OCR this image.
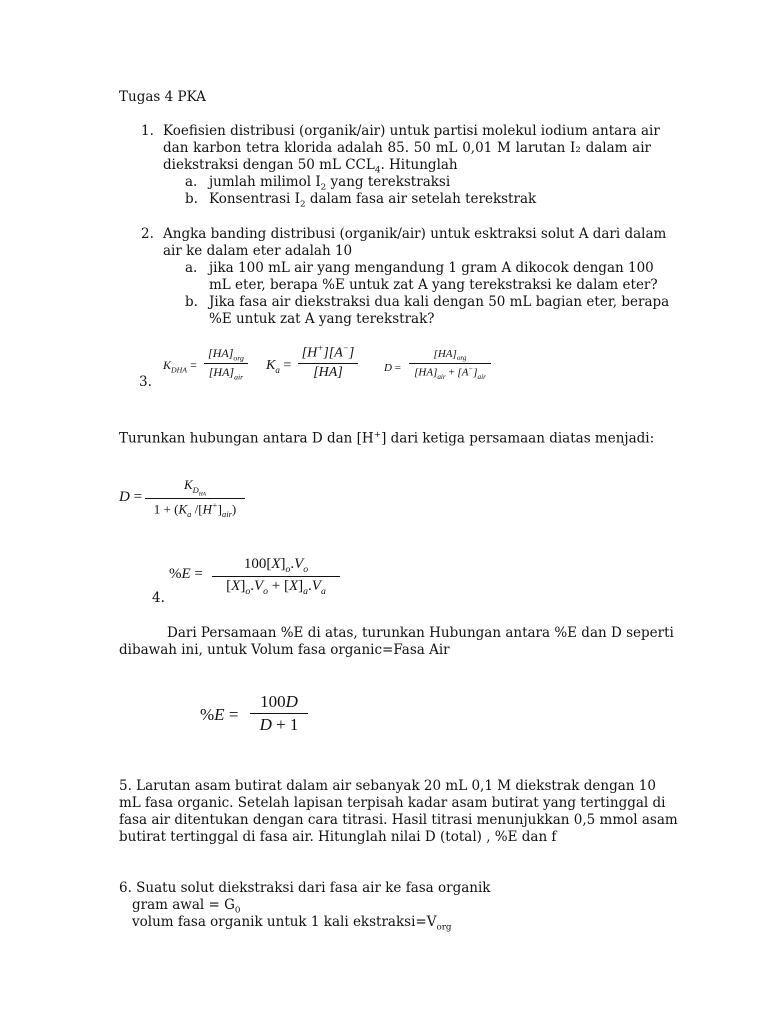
Tugas 4 PKA
1. Koefisien distribusi (organik/air) untuk partisi molekul iodium antara air
dan karbon tetra klorida adalah 85. 50 mL 0,01 M larutan I₂ dalam air
diekstraksi dengan 50 mL $CCL_4$. Hitunglah
a. jumlah milimol $I_2$ yang terekstraksi
b. Konsentrasi $I_2$ dalam fasa air setelah terekstrak
2. Angka banding distribusi (organik/air) untuk esktraksi solut A dari dalam
air ke dalam eter adalah 10
a. jika 100 mL air yang mengandung 1 gram A dikocok dengan 100
mL eter, berapa %E untuk zat A yang terekstraksi ke dalam eter?
b. Jika fasa air diekstraksi dua kali dengan 50 mL bagian eter, berapa
%E untuk zat A yang terekstrak?
3.
$K_{DHA}$ =
$[HA]_{org}$
$[HA]_{air}$
$K_a$ =
[H+][A−]
[HA]	D =
$[HA]_{org}$
$[HA]_{air} + [A^-]_{air}$
Turunkan hubungan antara D dan [H+] dari ketiga persamaan diatas menjadi:
D =
$K_{D_{HA}}$
$1 + (K_a$ $/[H^+]_{air}$)
4.
%E =
$100[X]_o.V_o$
$[X]_o.V_o + [X]_a.V_a$
Dari Persamaan %E di atas, turunkan Hubungan antara %E dan D seperti
dibawah ini, untuk Volum fasa organic=Fasa Air
%E =
100D
D + 1
5. Larutan asam butirat dalam air sebanyak 20 mL 0,1 M diekstrak dengan 10
mL fasa organic. Setelah lapisan terpisah kadar asam butirat yang tertinggal di
fasa air ditentukan dengan cara titrasi. Hasil titrasi menunjukkan 0,5 mmol asam
butirat tertinggal di fasa air. Hitunglah nilai D (total) , %E dan f
6. Suatu solut diekstraksi dari fasa air ke fasa organik
gram awal = $G_0$
volum fasa organik untuk 1 kali $ekstraksi=V_{org}$
